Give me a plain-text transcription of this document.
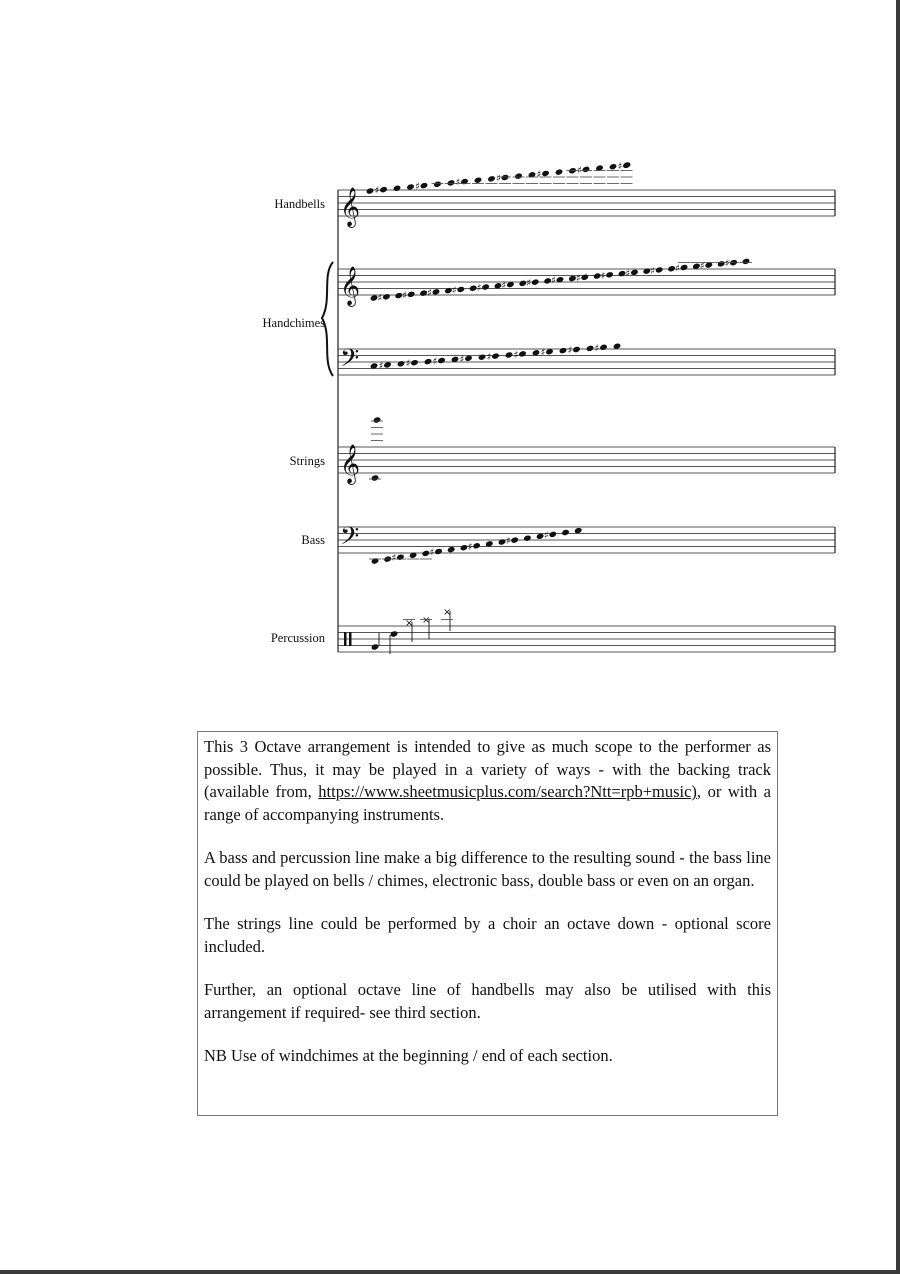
Handbells
Handchimes
Strings
Bass
Percussion
𝄞
𝄞
𝄢
𝄞
𝄢
♯	♯	♯	♯	♯	♯	♯
♯ ♯ ♯ ♯ ♯ ♯ ♯ ♯ ♯ ♯ ♯ ♯ ♯ ♯ ♯
♯ ♯ ♯ ♯ ♯ ♯ ♯ ♯ ♯
♯
♯
♯
♯
♯
× ×
×

This 3 Octave arrangement is intended to give as much scope to the performer as possible. Thus, it may be played in a variety of ways - with the backing track (available from, https://www.sheetmusicplus.com/search?Ntt=rpb+music), or with a range of accompanying instruments.

A bass and percussion line make a big difference to the resulting sound - the bass line could be played on bells / chimes, electronic bass, double bass or even on an organ.

The strings line could be performed by a choir an octave down - optional score included.

Further, an optional octave line of handbells may also be utilised with this arrangement if required- see third section.

NB Use of windchimes at the beginning / end of each section.
